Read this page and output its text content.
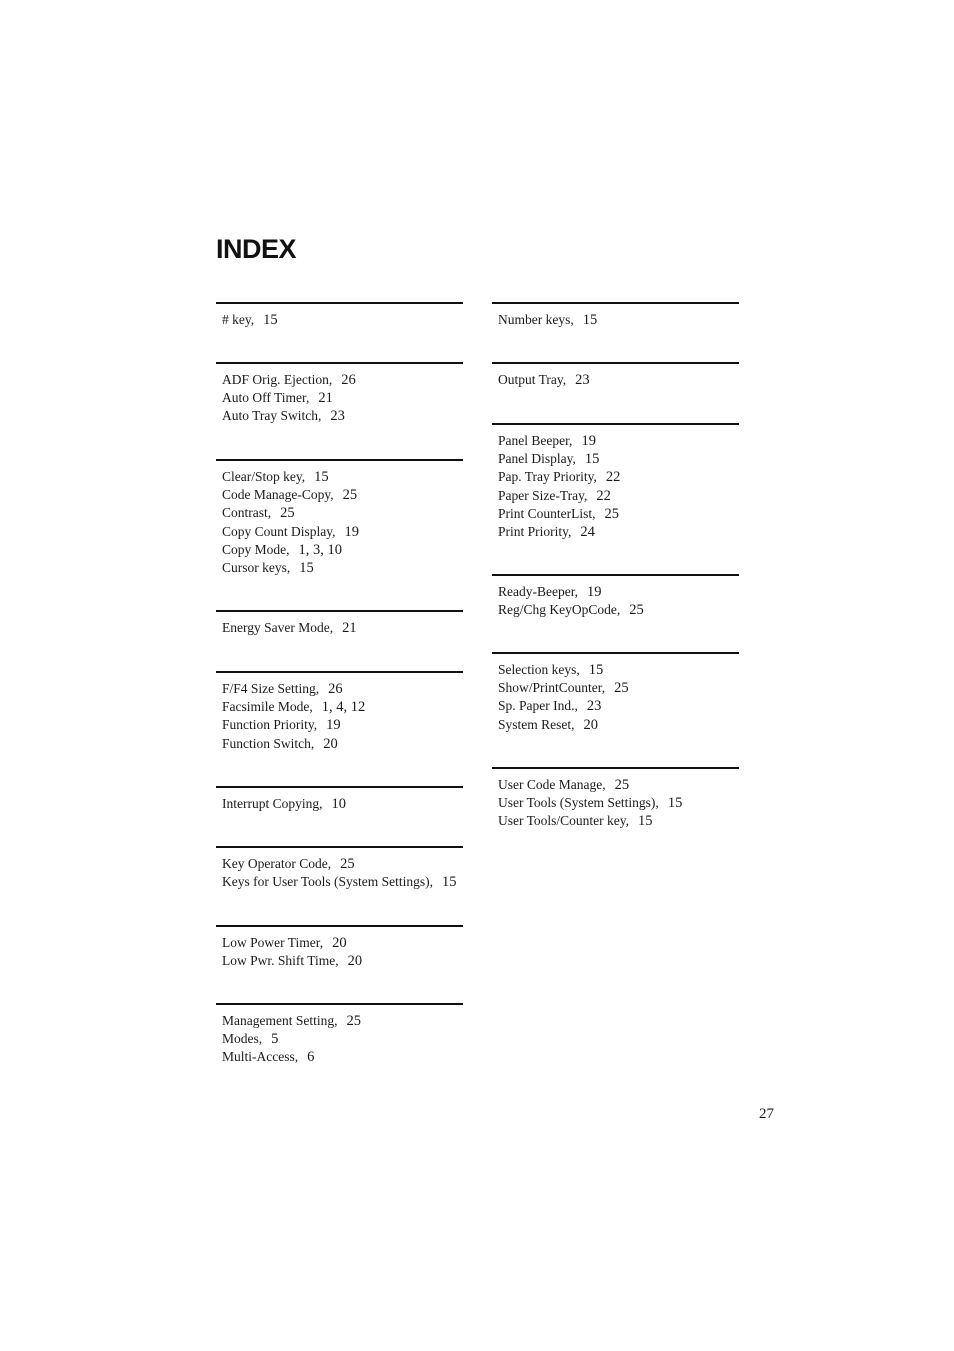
INDEX
# key, 15
ADF Orig. Ejection, 26
Auto Off Timer, 21
Auto Tray Switch, 23
Clear/Stop key, 15
Code Manage-Copy, 25
Contrast, 25
Copy Count Display, 19
Copy Mode, 1, 3, 10
Cursor keys, 15
Energy Saver Mode, 21
F/F4 Size Setting, 26
Facsimile Mode, 1, 4, 12
Function Priority, 19
Function Switch, 20
Interrupt Copying, 10
Key Operator Code, 25
Keys for User Tools (System Settings), 15
Low Power Timer, 20
Low Pwr. Shift Time, 20
Management Setting, 25
Modes, 5
Multi-Access, 6
Number keys, 15
Output Tray, 23
Panel Beeper, 19
Panel Display, 15
Pap. Tray Priority, 22
Paper Size-Tray, 22
Print CounterList, 25
Print Priority, 24
Ready-Beeper, 19
Reg/Chg KeyOpCode, 25
Selection keys, 15
Show/PrintCounter, 25
Sp. Paper Ind., 23
System Reset, 20
User Code Manage, 25
User Tools (System Settings), 15
User Tools/Counter key, 15
27
